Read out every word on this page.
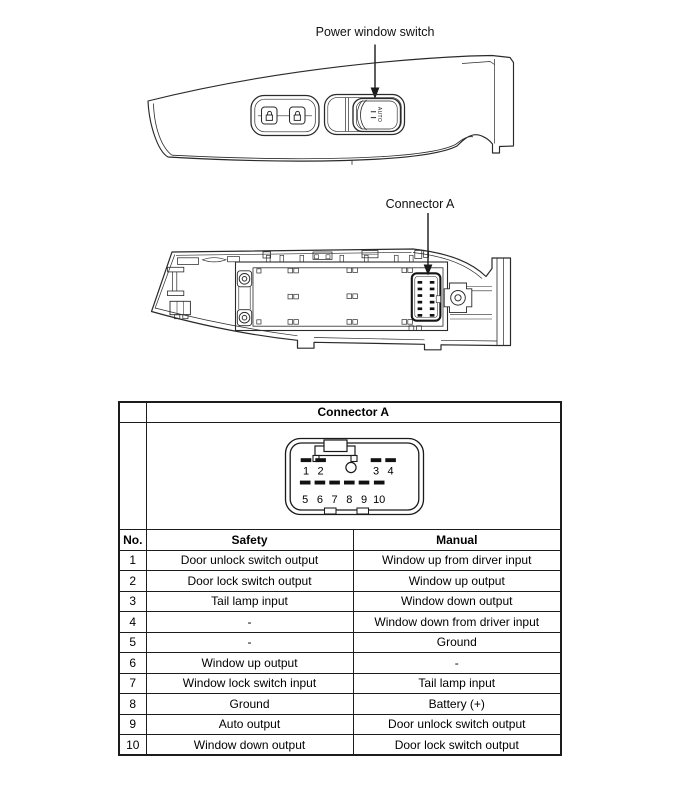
Power window switch
AUTO
Connector A
	Connector A	

1 2	3 4
5 6 7 8 9 10

No.	Safety	Manual
1	Door unlock switch output	Window up from dirver input
2	Door lock switch output	Window up output
3	Tail lamp input	Window down output
4	-	Window down from driver input
5	-	Ground
6	Window up output	-
7	Window lock switch input	Tail lamp input
8	Ground	Battery (+)
9	Auto output	Door unlock switch output
10	Window down output	Door lock switch output
